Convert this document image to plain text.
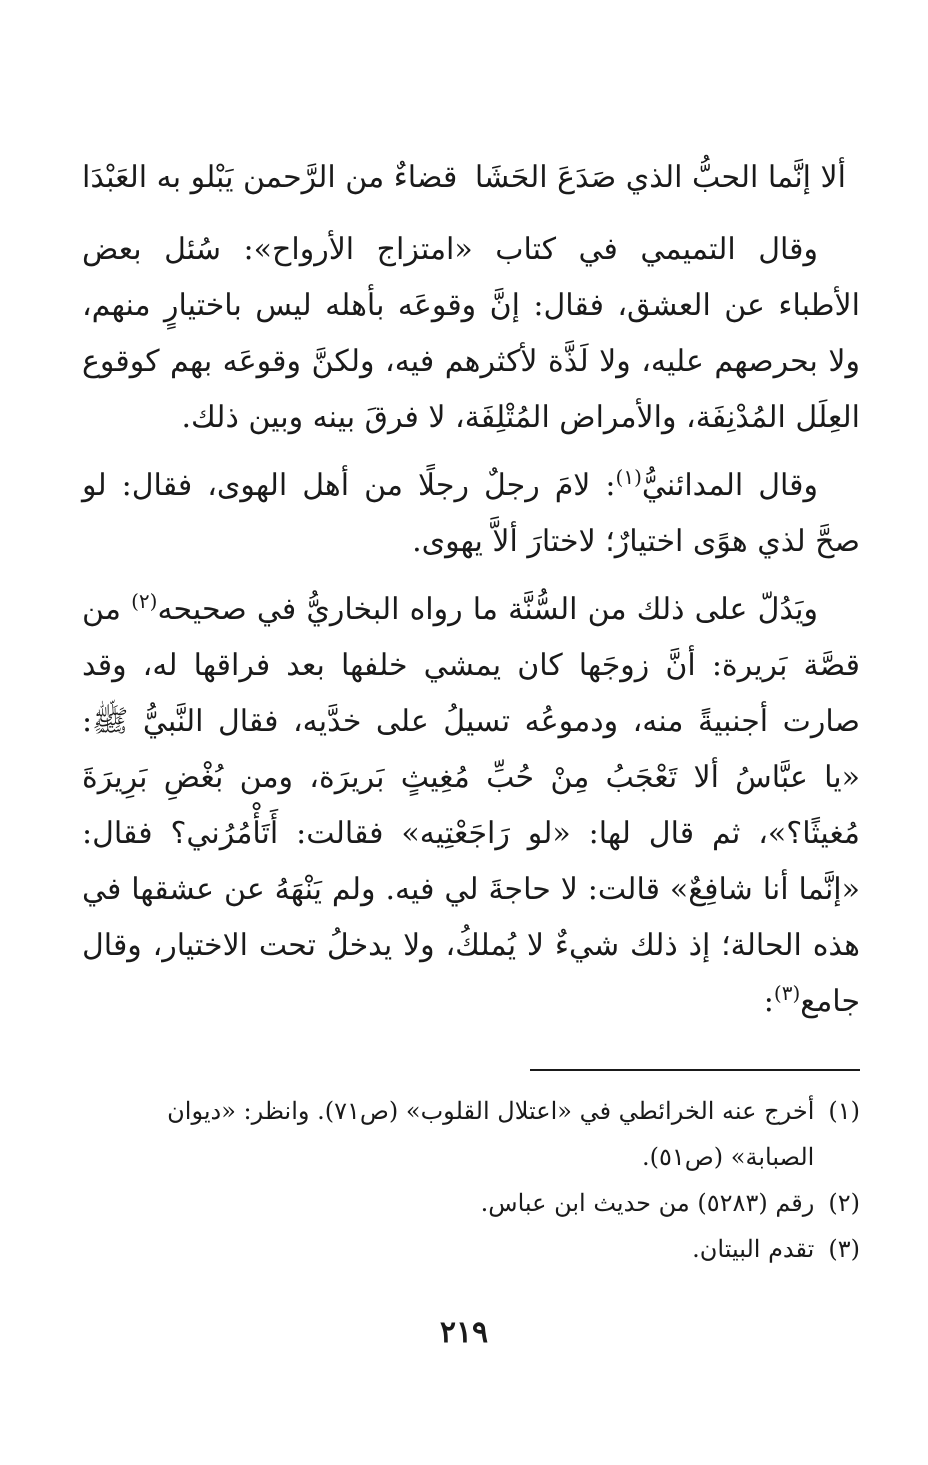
ألا إنَّما الحبُّ الذي صَدَعَ الحَشَا
قضاءٌ من الرَّحمن يَبْلو به العَبْدَا

وقال التميمي في كتاب «امتزاج الأرواح»: سُئل بعض الأطباء عن العشق، فقال: إنَّ وقوعَه بأهله ليس باختيارٍ منهم، ولا بحرصهم عليه، ولا لَذَّة لأكثرهم فيه، ولكنَّ وقوعَه بهم كوقوع العِلَل المُدْنِفَة، والأمراض المُتْلِفَة، لا فرقَ بينه وبين ذلك.

وقال المدائنيُّ$^{(١)}$: لامَ رجلٌ رجلًا من أهل الهوى، فقال: لو صحَّ لذي هوًى اختيارٌ؛ لاختارَ ألاَّ يهوى.

ويَدُلّ على ذلك من السُّنَّة ما رواه البخاريُّ في صحيحه$^{(٢)}$ من قصَّة بَريرة: أنَّ زوجَها كان يمشي خلفها بعد فراقها له، وقد صارت أجنبيةً منه، ودموعُه تسيلُ على خدَّيه، فقال النَّبيُّ ﷺ: «يا عبَّاسُ ألا تَعْجَبُ مِنْ حُبِّ مُغِيثٍ بَريرَة، ومن بُغْضِ بَرِيرَةَ مُغيثًا؟»، ثم قال لها: «لو رَاجَعْتِيه» فقالت: أَتَأْمُرُني؟ فقال: «إنَّما أنا شافِعٌ» قالت: لا حاجةَ لي فيه. ولم يَنْهَهُ عن عشقها في هذه الحالة؛ إذ ذلك شيءٌ لا يُملكُ، ولا يدخلُ تحت الاختيار، وقال جامع$^{(٣)}$:

(١)
أخرج عنه الخرائطي في «اعتلال القلوب» (ص٧١). وانظر: «ديوان الصبابة» (ص٥١).
(٢)
رقم (٥٢٨٣) من حديث ابن عباس.
(٣)
تقدم البيتان.
٢١٩
